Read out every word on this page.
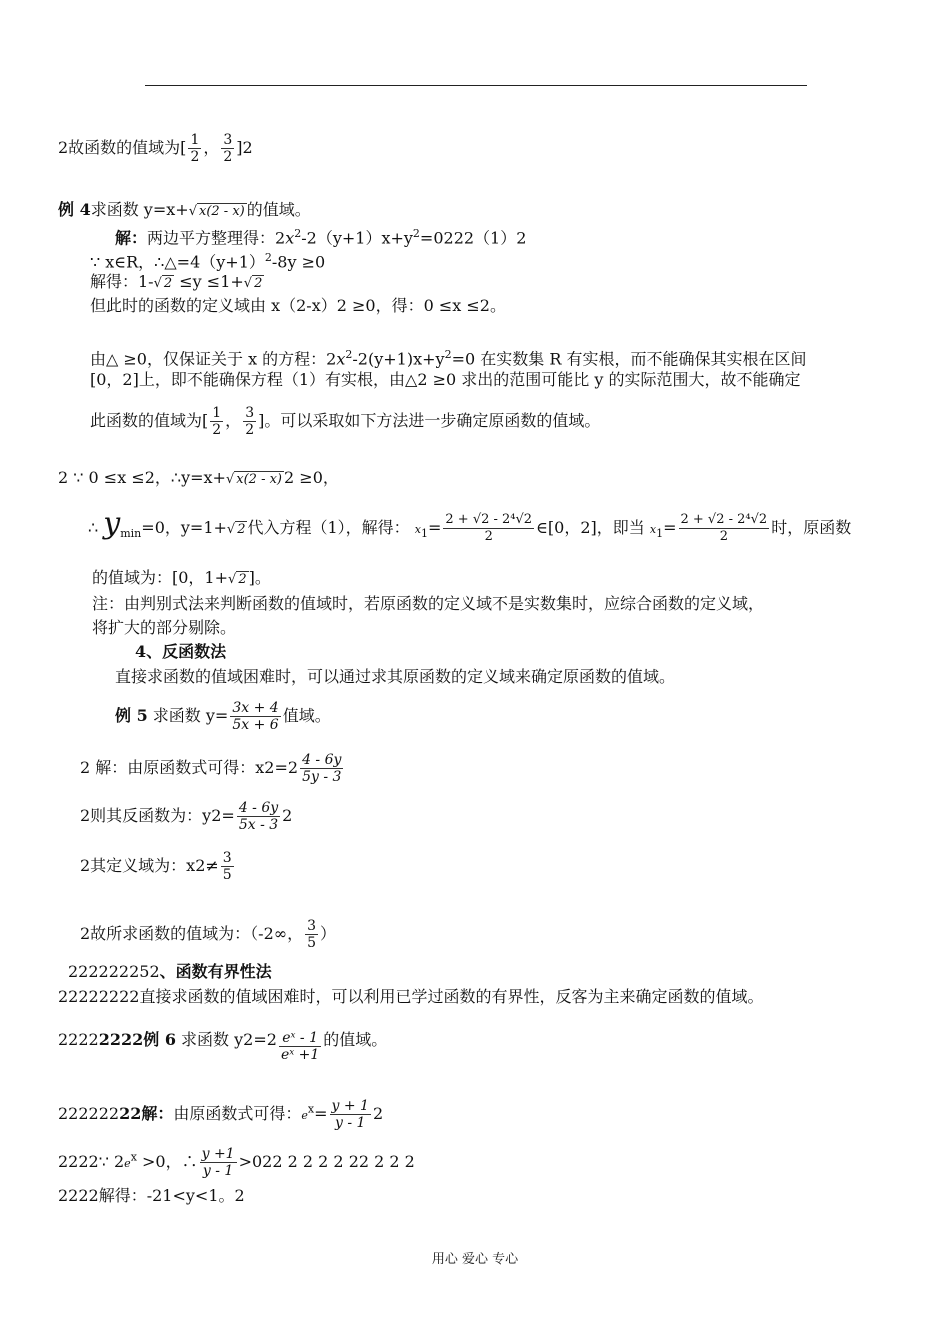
2故函数的值域为[ $\frac{1}{2}$ ， $\frac{3}{2} ]2$
例 4求函数 y=x+√ x(2 - x) 的值域。
解：两边平方整理得：$2x^2-2(y+1)x+y^2=0222(1)2$
∵ x∈R，$\therefore\triangle=4(y+1)^2-8y \ge 0$
解得：1-√ 2 ≤y ≤1+√ 2
但此时的函数的定义域由 x（2-x）2 ≥0，得：0 ≤x ≤2。
由△ ≥0，仅保证关于 x 的方程：$2x^2-2(y+1)x+y^2=0$ 在实数集 R 有实根，而不能确保其实根在区间
[0，2]上，即不能确保方程（1）有实根，由△2 ≥0 求出的范围可能比 y 的实际范围大，故不能确定
此函数的值域为[ $\frac{1}{2}$ ， $\frac{3}{2}$ ]。可以采取如下方法进一步确定原函数的值域。
2 ∵ 0 ≤x ≤2，∴y=x+√ x(2 - x) 2 ≥0，
∴ $y_{min}=0$，y=1+√ 2 代入方程（1），解得： $x_1= \frac{\text{2 + √2 - 2⁴√2}}{2}$ ∈[0，2]，即当 $x_1= \frac{\text{2 + √2 - 2⁴√2}}{2}$ 时，原函数
的值域为：[0，1+√ 2 ]。
注：由判别式法来判断函数的值域时，若原函数的定义域不是实数集时，应综合函数的定义域，
将扩大的部分剔除。
4、反函数法
直接求函数的值域困难时，可以通过求其原函数的定义域来确定原函数的值域。
例 5 求函数 $y= \frac{3x + 4}{5x + 6}$ 值域。
2 解：由原函数式可得：$x2=2 \frac{4 - 6y}{5y - 3}$
2则其反函数为：$y2= \frac{4 - 6y}{5x - 3} 2$
2其定义域为：$x2\ne \frac{3}{5}$
2故所求函数的值域为：（-2∞， $\frac{3}{5}$ ）
222222252、函数有界性法
22222222直接求函数的值域困难时，可以利用已学过函数的有界性，反客为主来确定函数的值域。
22222222例 6 求函数 $y2=2 \frac{\text{eˣ - 1}}{\text{eˣ +1}}$ 的值域。
22222222解：由原函数式可得：$e^x= \frac{y + 1}{y - 1} 2$
2222∵ $2e^x >0$，∴ $\frac{y +1}{y - 1} >022$ 2 2 2 2 22 2 2 2
2222解得：-21<y<1。2
用心 爱心 专心
